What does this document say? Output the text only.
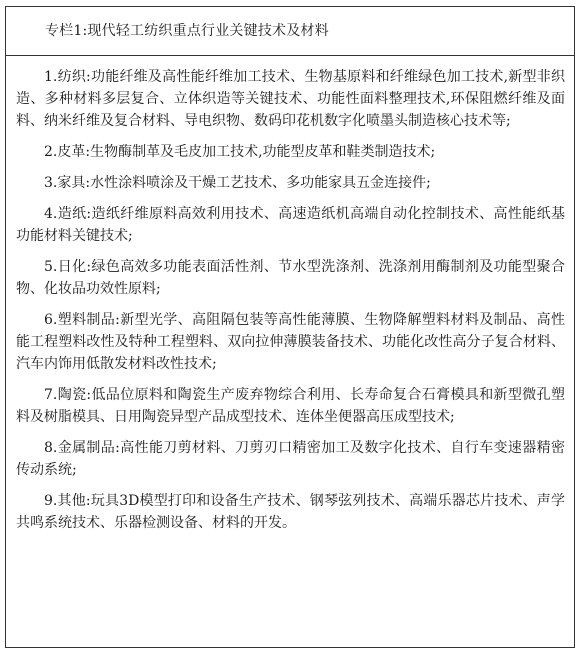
专栏1:现代轻工纺织重点行业关键技术及材料

1.纺织:功能纤维及高性能纤维加工技术、生物基原料和纤维绿色加工技术,新型非织造、多种材料多层复合、立体织造等关键技术、功能性面料整理技术,环保阻燃纤维及面料、纳米纤维及复合材料、导电织物、数码印花机数字化喷墨头制造核心技术等;

2.皮革:生物酶制革及毛皮加工技术,功能型皮革和鞋类制造技术;

3.家具:水性涂料喷涂及干燥工艺技术、多功能家具五金连接件;

4.造纸:造纸纤维原料高效利用技术、高速造纸机高端自动化控制技术、高性能纸基功能材料关键技术;

5.日化:绿色高效多功能表面活性剂、节水型洗涤剂、洗涤剂用酶制剂及功能型聚合物、化妆品功效性原料;

6.塑料制品:新型光学、高阻隔包装等高性能薄膜、生物降解塑料材料及制品、高性能工程塑料改性及特种工程塑料、双向拉伸薄膜装备技术、功能化改性高分子复合材料、汽车内饰用低散发材料改性技术;

7.陶瓷:低品位原料和陶瓷生产废弃物综合利用、长寿命复合石膏模具和新型微孔塑料及树脂模具、日用陶瓷异型产品成型技术、连体坐便器高压成型技术;

8.金属制品:高性能刀剪材料、刀剪刃口精密加工及数字化技术、自行车变速器精密传动系统;

9.其他:玩具3D模型打印和设备生产技术、钢琴弦列技术、高端乐器芯片技术、声学共鸣系统技术、乐器检测设备、材料的开发。
